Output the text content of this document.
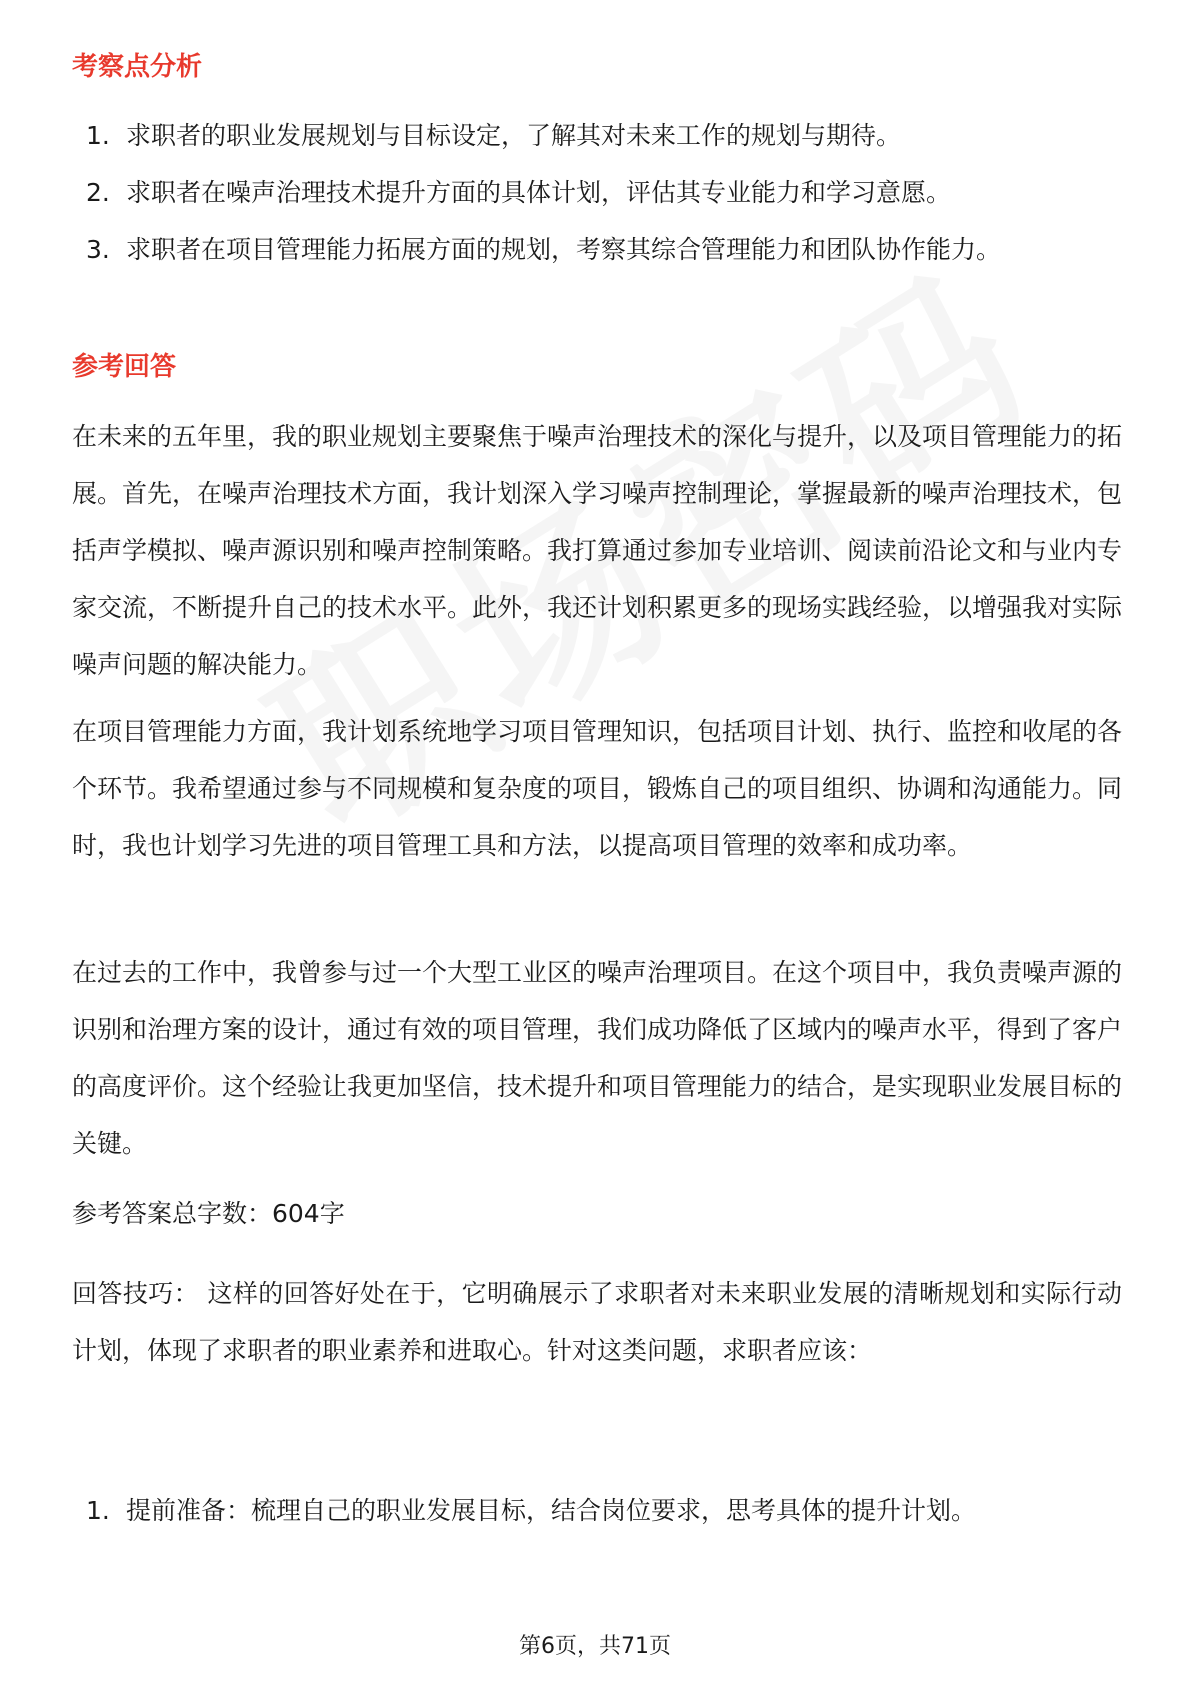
考察点分析
1. 求职者的职业发展规划与目标设定，了解其对未来工作的规划与期待。
2. 求职者在噪声治理技术提升方面的具体计划，评估其专业能力和学习意愿。
3. 求职者在项目管理能力拓展方面的规划，考察其综合管理能力和团队协作能力。
参考回答

在未来的五年里，我的职业规划主要聚焦于噪声治理技术的深化与提升，以及项目管理能力的拓展。首先，在噪声治理技术方面，我计划深入学习噪声控制理论，掌握最新的噪声治理技术，包括声学模拟、噪声源识别和噪声控制策略。我打算通过参加专业培训、阅读前沿论文和与业内专家交流，不断提升自己的技术水平。此外，我还计划积累更多的现场实践经验，以增强我对实际噪声问题的解决能力。

在项目管理能力方面，我计划系统地学习项目管理知识，包括项目计划、执行、监控和收尾的各个环节。我希望通过参与不同规模和复杂度的项目，锻炼自己的项目组织、协调和沟通能力。同时，我也计划学习先进的项目管理工具和方法，以提高项目管理的效率和成功率。

在过去的工作中，我曾参与过一个大型工业区的噪声治理项目。在这个项目中，我负责噪声源的识别和治理方案的设计，通过有效的项目管理，我们成功降低了区域内的噪声水平，得到了客户的高度评价。这个经验让我更加坚信，技术提升和项目管理能力的结合，是实现职业发展目标的关键。

参考答案总字数：604字

回答技巧： 这样的回答好处在于，它明确展示了求职者对未来职业发展的清晰规划和实际行动计划，体现了求职者的职业素养和进取心。针对这类问题，求职者应该：

1. 提前准备：梳理自己的职业发展目标，结合岗位要求，思考具体的提升计划。
第6页，共71页
